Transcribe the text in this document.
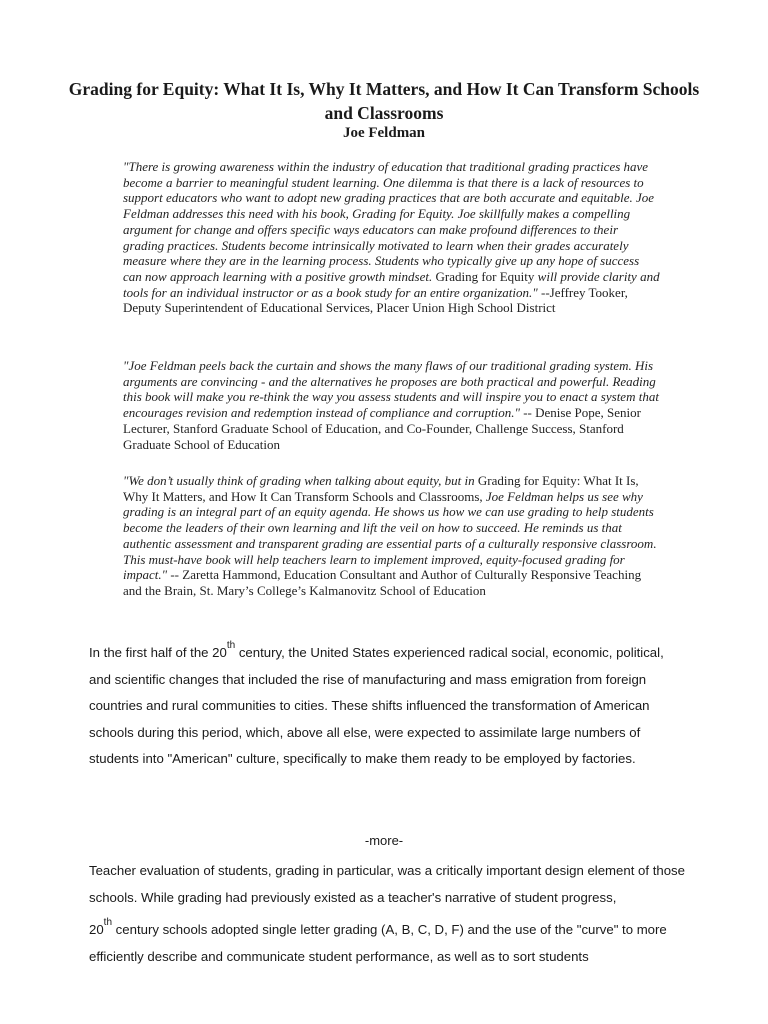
Grading for Equity: What It Is, Why It Matters, and How It Can Transform Schools and Classrooms
Joe Feldman
"There is growing awareness within the industry of education that traditional grading practices have become a barrier to meaningful student learning. One dilemma is that there is a lack of resources to support educators who want to adopt new grading practices that are both accurate and equitable. Joe Feldman addresses this need with his book, Grading for Equity. Joe skillfully makes a compelling argument for change and offers specific ways educators can make profound differences to their grading practices. Students become intrinsically motivated to learn when their grades accurately measure where they are in the learning process. Students who typically give up any hope of success can now approach learning with a positive growth mindset. Grading for Equity will provide clarity and tools for an individual instructor or as a book study for an entire organization." --Jeffrey Tooker, Deputy Superintendent of Educational Services, Placer Union High School District
"Joe Feldman peels back the curtain and shows the many flaws of our traditional grading system. His arguments are convincing - and the alternatives he proposes are both practical and powerful. Reading this book will make you re-think the way you assess students and will inspire you to enact a system that encourages revision and redemption instead of compliance and corruption." -- Denise Pope, Senior Lecturer, Stanford Graduate School of Education, and Co-Founder, Challenge Success, Stanford Graduate School of Education
"We don’t usually think of grading when talking about equity, but in Grading for Equity: What It Is, Why It Matters, and How It Can Transform Schools and Classrooms, Joe Feldman helps us see why grading is an integral part of an equity agenda. He shows us how we can use grading to help students become the leaders of their own learning and lift the veil on how to succeed. He reminds us that authentic assessment and transparent grading are essential parts of a culturally responsive classroom. This must-have book will help teachers learn to implement improved, equity-focused grading for impact." -- Zaretta Hammond, Education Consultant and Author of Culturally Responsive Teaching and the Brain, St. Mary’s College’s Kalmanovitz School of Education
In the first half of the 20th century, the United States experienced radical social, economic, political, and scientific changes that included the rise of manufacturing and mass emigration from foreign countries and rural communities to cities. These shifts influenced the transformation of American schools during this period, which, above all else, were expected to assimilate large numbers of students into "American" culture, specifically to make them ready to be employed by factories.
-more-
Teacher evaluation of students, grading in particular, was a critically important design element of those schools. While grading had previously existed as a teacher's narrative of student progress,
20th century schools adopted single letter grading (A, B, C, D, F) and the use of the "curve" to more efficiently describe and communicate student performance, as well as to sort students
